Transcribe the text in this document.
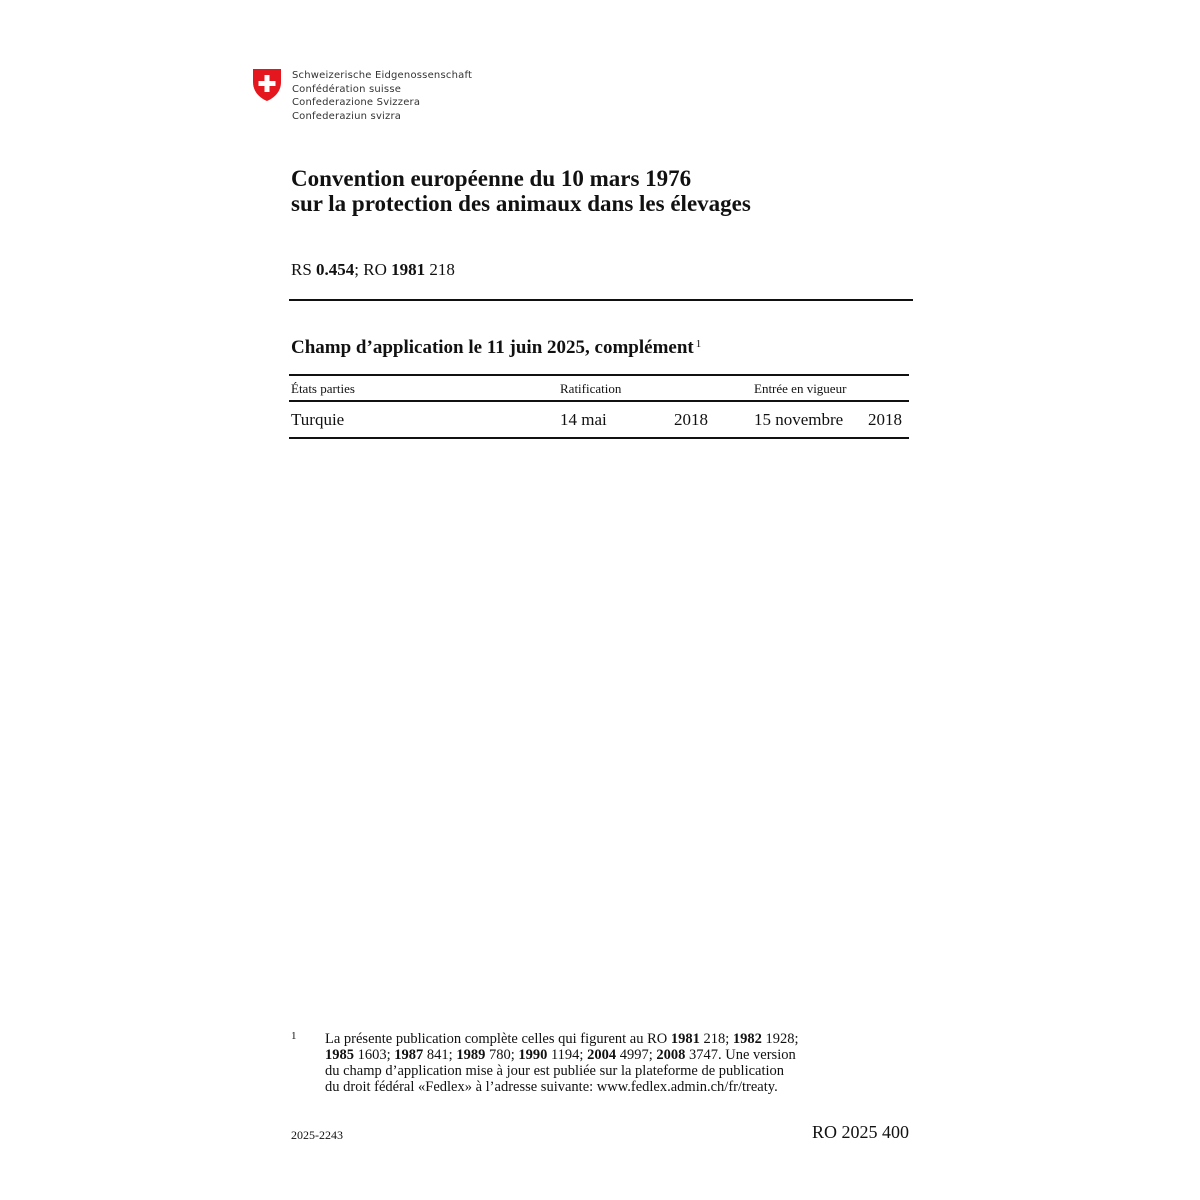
Schweizerische Eidgenossenschaft
Confédération suisse
Confederazione Svizzera
Confederaziun svizra
Convention européenne du 10 mars 1976
sur la protection des animaux dans les élevages
RS 0.454; RO 1981 218
Champ d’application le 11 juin 2025, complément $^1$
États parties	Ratification	Entrée en vigueur
Turquie	14 mai	2018	15 novembre 2018
1 La présente publication complète celles qui figurent au RO 1981 218; 1982 1928;
1985 1603; 1987 841; 1989 780; 1990 1194; 2004 4997; 2008 3747. Une version
du champ d’application mise à jour est publiée sur la plateforme de publication
du droit fédéral «Fedlex» à l’adresse suivante: www.fedlex.admin.ch/fr/treaty.
2025-2243	RO 2025 400
